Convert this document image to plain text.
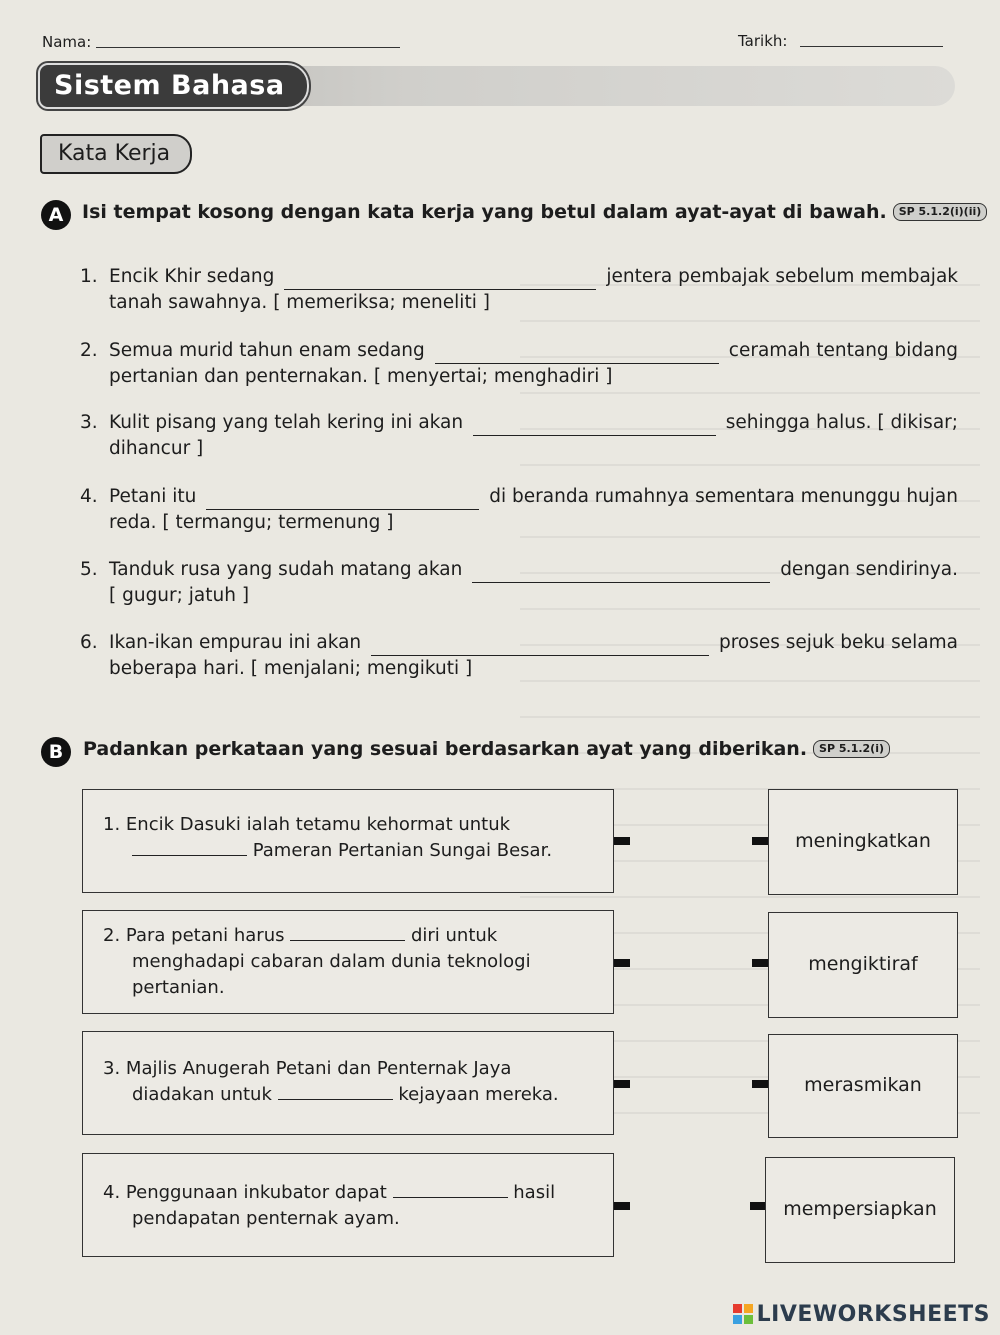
Nama:	Tarikh:
Sistem Bahasa
Kata Kerja
A Isi tempat kosong dengan kata kerja yang betul dalam ayat-ayat di bawah. SP 5.1.2(i)(ii)
1. Encik Khir sedang	jentera pembajak sebelum membajak
tanah sawahnya. [ memeriksa; meneliti ]
2. Semua murid tahun enam sedang	ceramah tentang bidang
pertanian dan penternakan. [ menyertai; menghadiri ]
3. Kulit pisang yang telah kering ini akan	sehingga halus. [ dikisar;
dihancur ]
4. Petani itu	di beranda rumahnya sementara menunggu hujan
reda. [ termangu; termenung ]
5. Tanduk rusa yang sudah matang akan	dengan sendirinya.
[ gugur; jatuh ]
6. Ikan-ikan empurau ini akan	proses sejuk beku selama
beberapa hari. [ menjalani; mengikuti ]
B	Padankan perkataan yang sesuai berdasarkan ayat yang diberikan. SP 5.1.2(i)
1. Encik Dasuki ialah tetamu kehormat untuk
Pameran Pertanian Sungai Besar.	meningkatkan
2. Para petani harus	diri untuk
menghadapi cabaran dalam dunia teknologi
pertanian.
mengiktiraf
3. Majlis Anugerah Petani dan Penternak Jaya
diadakan untuk	kejayaan mereka.	merasmikan
4. Penggunaan inkubator dapat	hasil
pendapatan penternak ayam.	mempersiapkan
LIVEWORKSHEETS
